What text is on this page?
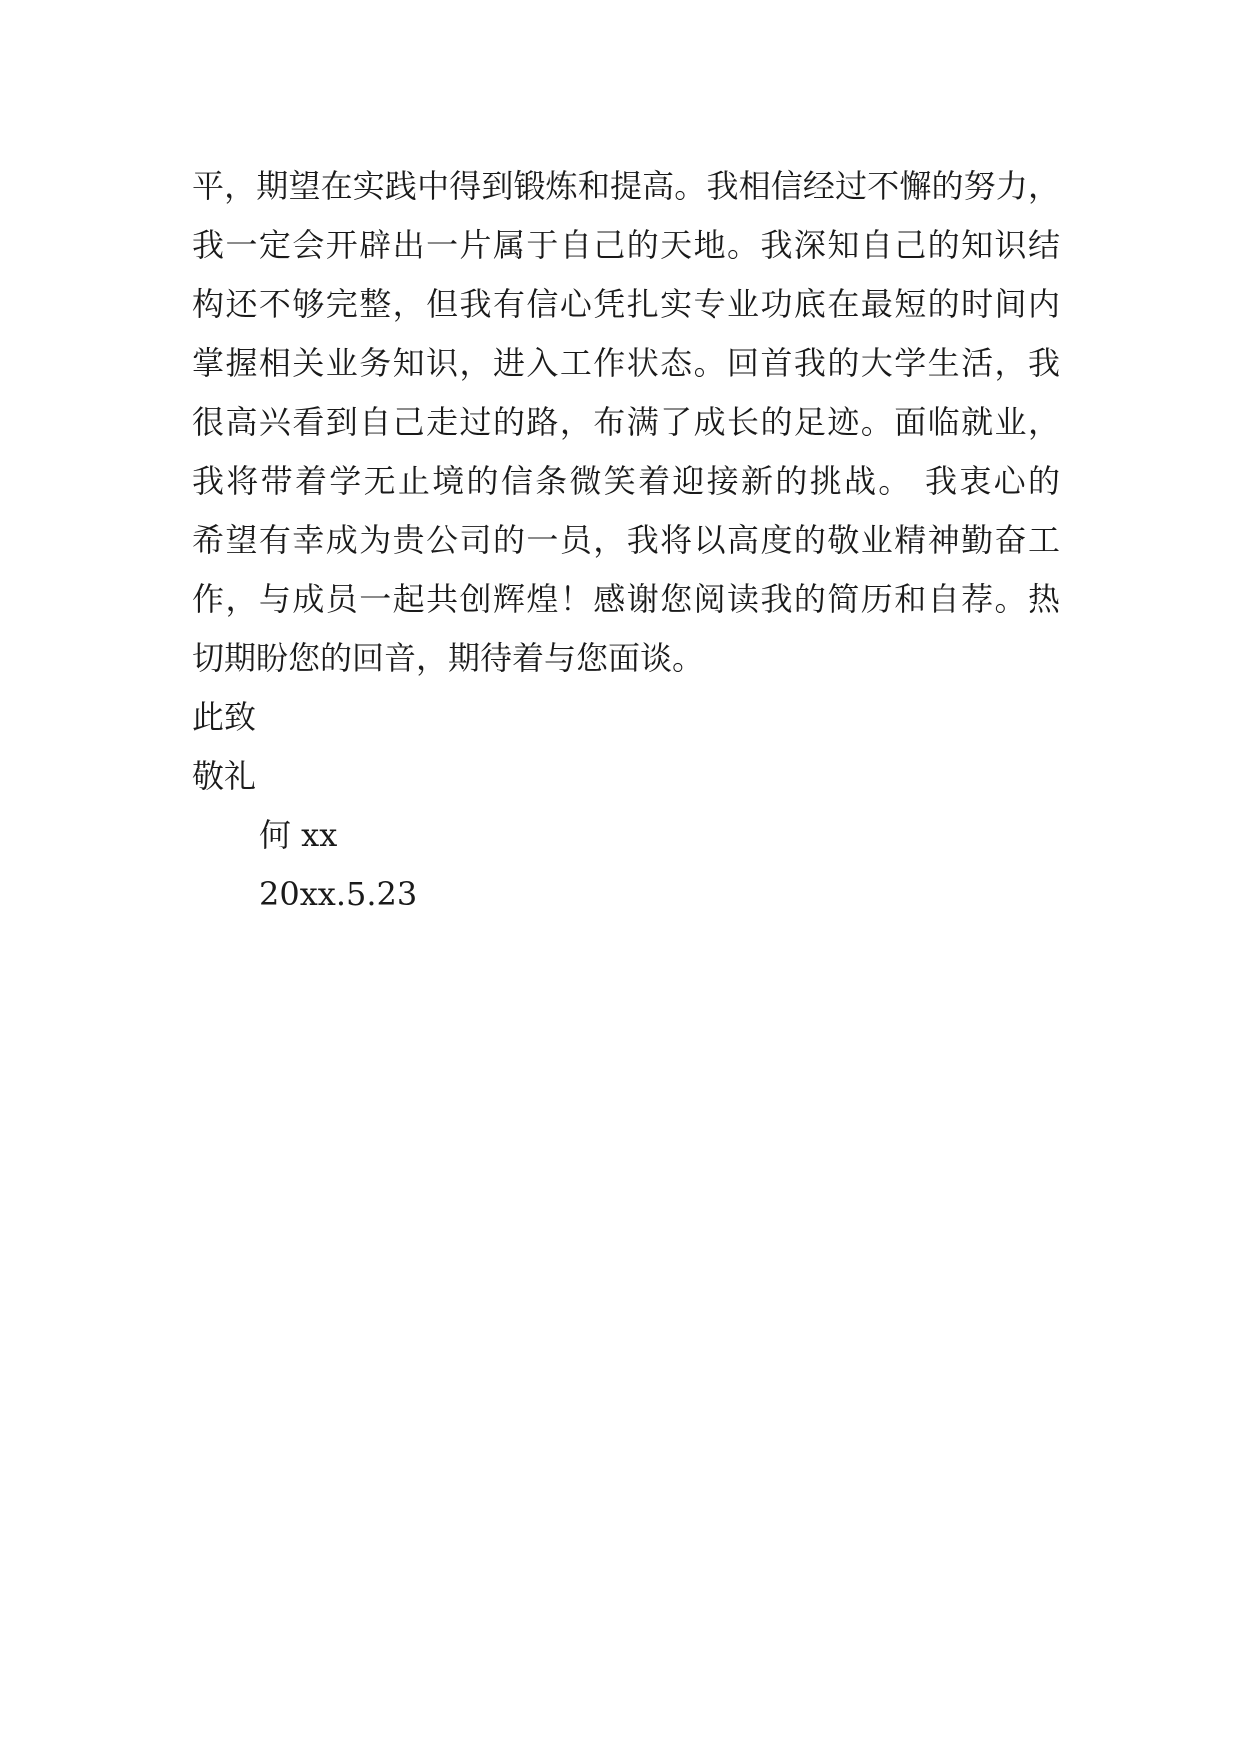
平，期望在实践中得到锻炼和提高。我相信经过不懈的努力，
我一定会开辟出一片属于自己的天地。我深知自己的知识结
构还不够完整，但我有信心凭扎实专业功底在最短的时间内
掌握相关业务知识，进入工作状态。回首我的大学生活，我
很高兴看到自己走过的路，布满了成长的足迹。面临就业，
我将带着学无止境的信条微笑着迎接新的挑战。 我衷心的
希望有幸成为贵公司的一员，我将以高度的敬业精神勤奋工
作，与成员一起共创辉煌！感谢您阅读我的简历和自荐。热
切期盼您的回音，期待着与您面谈。
此致
敬礼
何 xx
20xx.5.23
